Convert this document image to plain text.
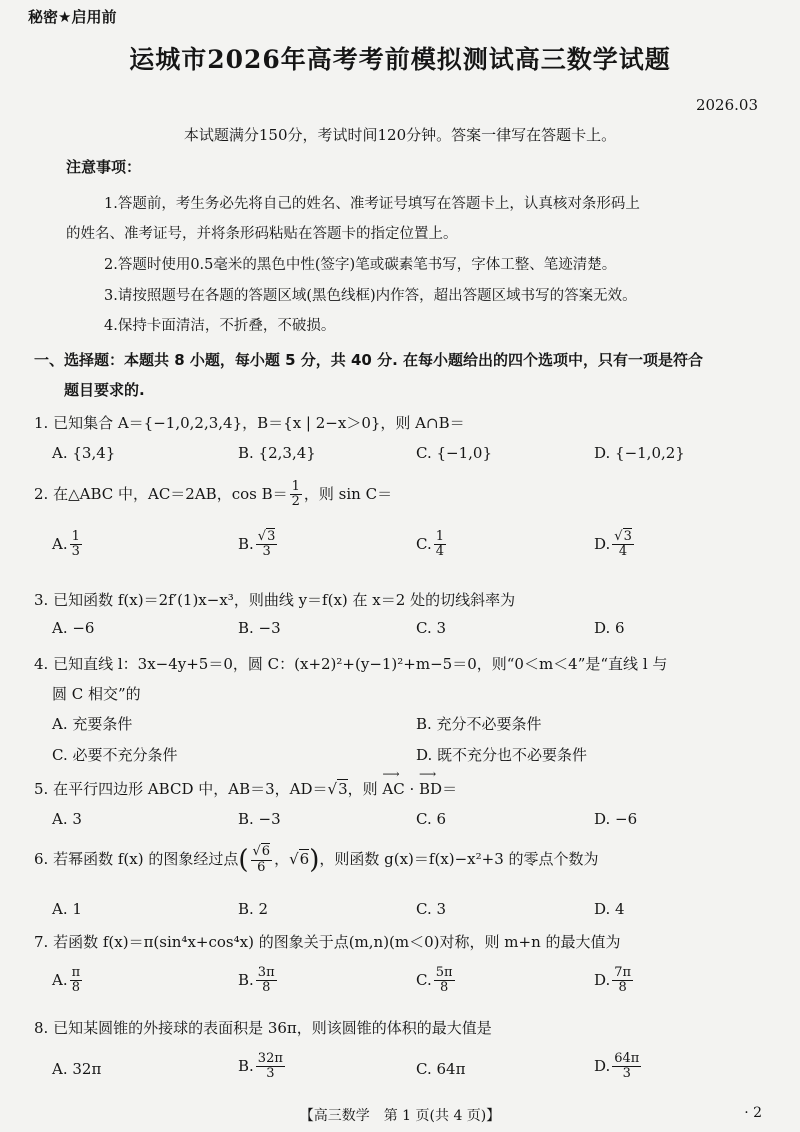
秘密★启用前
运城市2026年高考考前模拟测试高三数学试题
2026.03
本试题满分150分，考试时间120分钟。答案一律写在答题卡上。
注意事项：
1.答题前，考生务必先将自己的姓名、准考证号填写在答题卡上，认真核对条形码上
的姓名、准考证号，并将条形码粘贴在答题卡的指定位置上。
2.答题时使用0.5毫米的黑色中性(签字)笔或碳素笔书写，字体工整、笔迹清楚。
3.请按照题号在各题的答题区域(黑色线框)内作答，超出答题区域书写的答案无效。
4.保持卡面清洁，不折叠，不破损。
一、选择题：本题共 8 小题，每小题 5 分，共 40 分. 在每小题给出的四个选项中，只有一项是符合
题目要求的.
1. 已知集合 A＝{−1,0,2,3,4}，B＝{x | 2−x＞0}，则 A∩B＝
A. {3,4}	B. {2,3,4}	C. {−1,0}	D. {−1,0,2}
2. 在△ABC 中，AC＝2AB，$\cos B= \frac{1}{2}$ ，则 sin C＝
A. $\frac{1}{3}$	B. $\frac{√3}{3}$	C. $\frac{1}{4}$	D. $\frac{√3}{4}$
3. 已知函数 f(x)＝2f′(1)x−x³，则曲线 y＝f(x) 在 x＝2 处的切线斜率为
A. −6	B. −3	C. 3	D. 6
4. 已知直线 l：3x−4y+5＝0，圆 C：(x+2)²+(y−1)²+m−5＝0，则“0＜m＜4”是“直线 l 与
圆 C 相交”的
A. 充要条件	B. 充分不必要条件
C. 必要不充分条件	D. 既不充分也不必要条件
5. 在平行四边形 ABCD 中，AB＝3，AD＝√3，则 ⟶ AC · ⟶ BD＝
A. 3	B. −3	C. 6	D. −6
6. 若幂函数 f(x) 的图象经过点( $\frac{√6}{6}$ ，√6)，则函数 g(x)＝f(x)−x²+3 的零点个数为
A. 1	B. 2	C. 3	D. 4
7. 若函数 f(x)＝π(sin⁴x+cos⁴x) 的图象关于点(m,n)(m＜0)对称，则 m+n 的最大值为
A. $\frac{\pi}{8}$	B. $\frac{3\pi}{8}$	C. $\frac{5\pi}{8}$	D. $\frac{7\pi}{8}$
8. 已知某圆锥的外接球的表面积是 36π，则该圆锥的体积的最大值是
A. 32π	B. $\frac{32\pi}{3}$	C. 64π	D. $\frac{64\pi}{3}$
【高三数学　第 1 页(共 4 页)】	· 2
